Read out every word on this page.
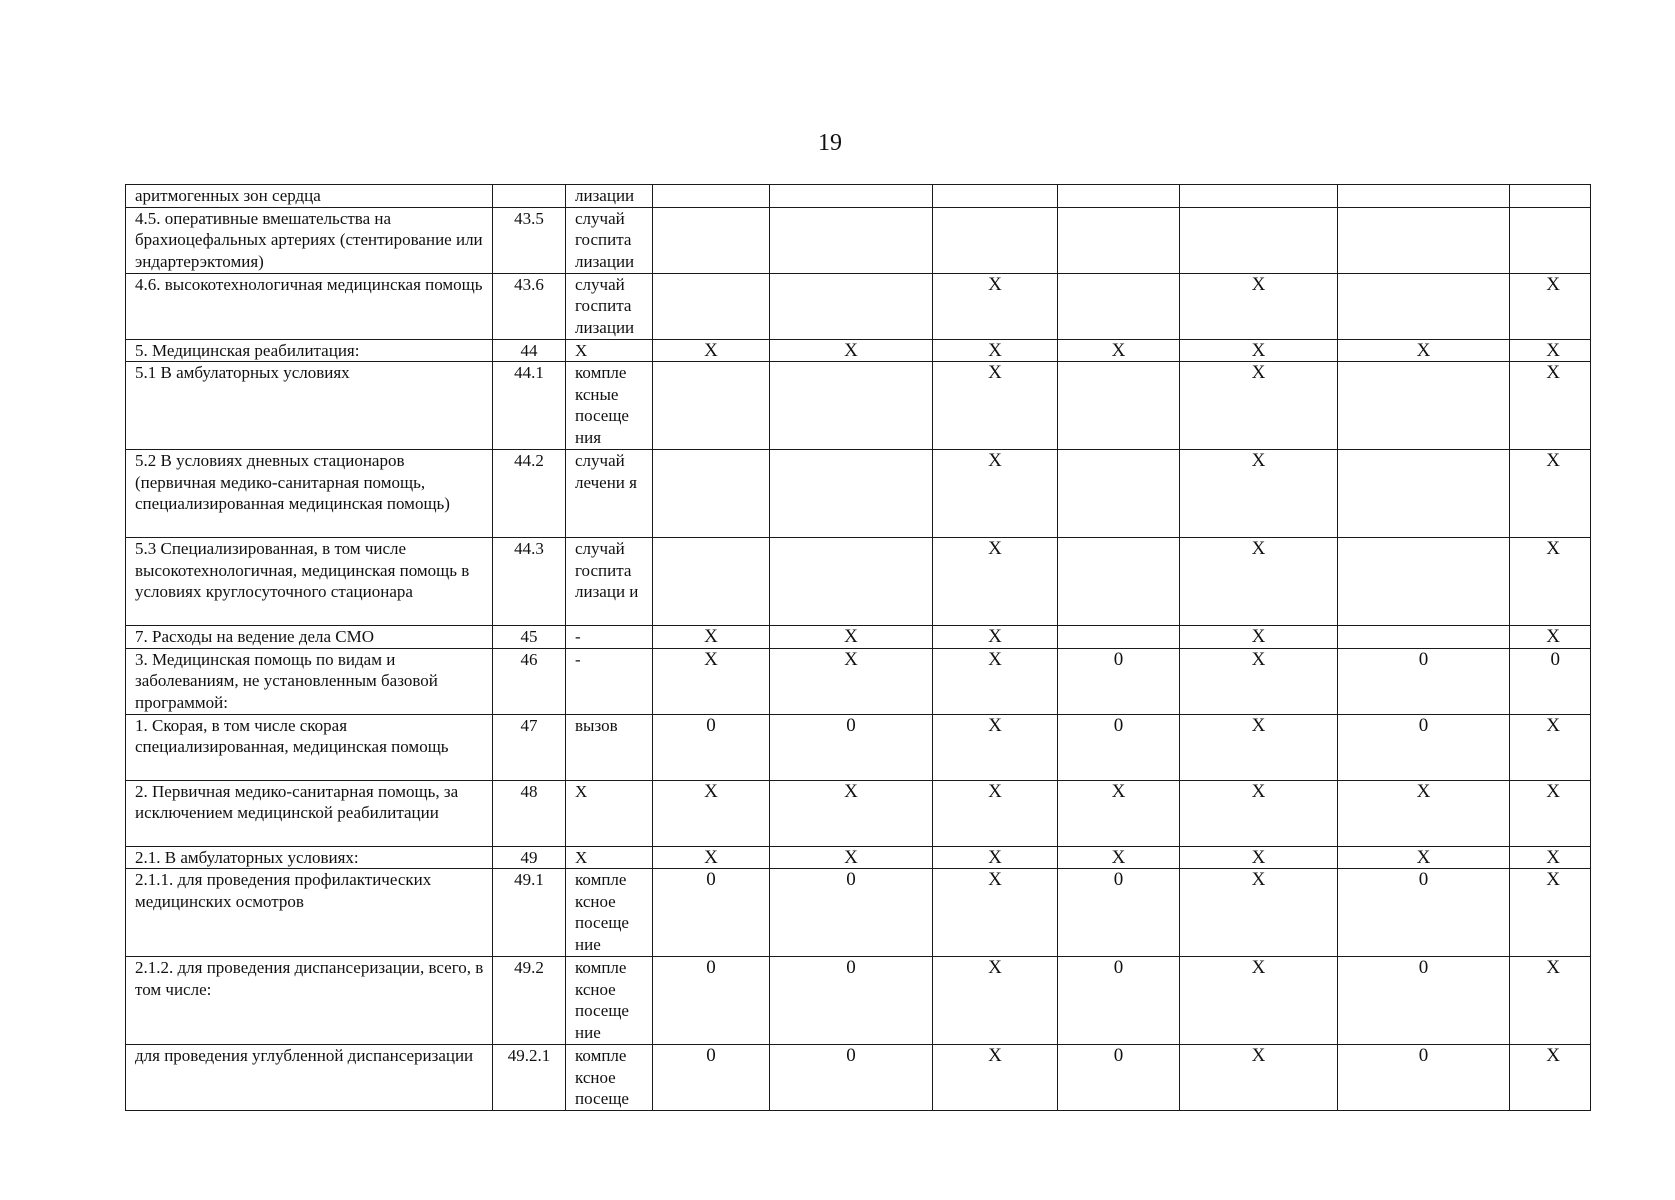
19
аритмогенных зон сердца		лизации							
4.5. оперативные вмешательства на брахиоцефальных артериях (стентирование или эндартерэктомия)	43.5	случай госпита лизации							
4.6. высокотехнологичная медицинская помощь	43.6	случай госпита лизации			X		X		X
5. Медицинская реабилитация:	44	X	X	X	X	X	X	X	X
5.1 В амбулаторных условиях	44.1	компле ксные посеще ния			X		X		X
5.2 В условиях дневных стационаров (первичная медико-санитарная помощь, специализированная медицинская помощь)	44.2	случай лечени я			X		X		X
5.3 Специализированная, в том числе высокотехнологичная, медицинская помощь в условиях круглосуточного стационара	44.3	случай госпита лизаци и			X		X		X
7. Расходы на ведение дела СМО	45	-	X	X	X		X		X
3. Медицинская помощь по видам и заболеваниям, не установленным базовой программой:	46	-	X	X	X	0	X	0	0
1. Скорая, в том числе скорая специализированная, медицинская помощь	47	вызов	0	0	X	0	X	0	X
2. Первичная медико-санитарная помощь, за исключением медицинской реабилитации	48	X	X	X	X	X	X	X	X
2.1. В амбулаторных условиях:	49	X	X	X	X	X	X	X	X
2.1.1. для проведения профилактических медицинских осмотров	49.1	компле ксное посеще ние	0	0	X	0	X	0	X
2.1.2. для проведения диспансеризации, всего, в том числе:	49.2	компле ксное посеще ние	0	0	X	0	X	0	X
для проведения углубленной диспансеризации	49.2.1	компле ксное посеще	0	0	X	0	X	0	X
